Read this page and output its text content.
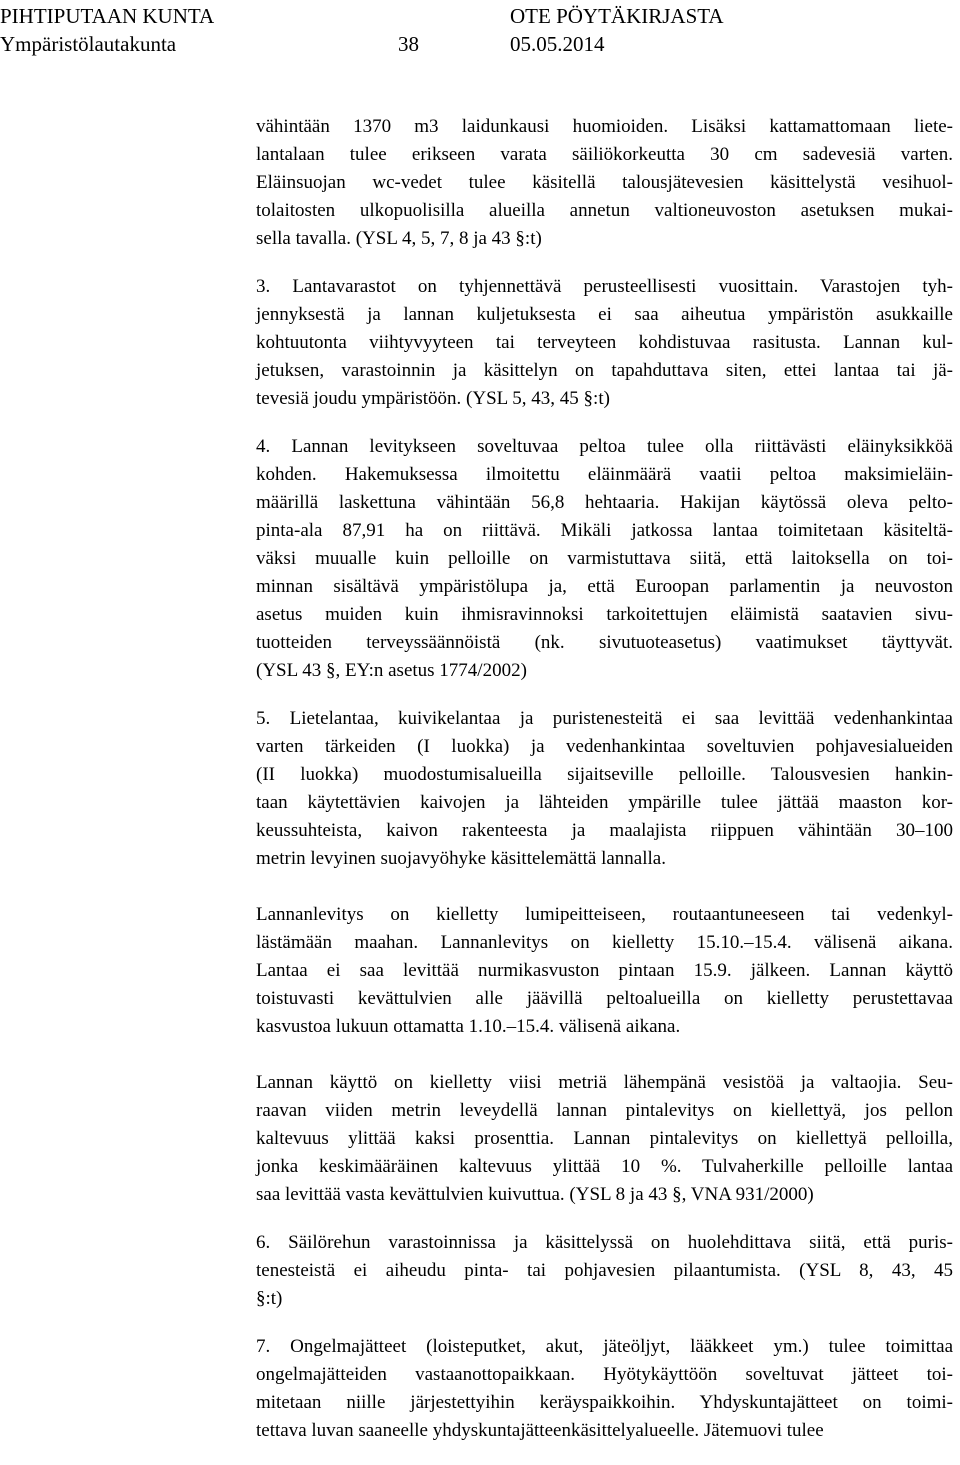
PIHTIPUTAAN KUNTA	OTE PÖYTÄKIRJASTA
Ympäristölautakunta	38	05.05.2014
vähintään 1370 m3 laidunkausi huomioiden. Lisäksi kattamattomaan liete-
lantalaan tulee erikseen varata säiliökorkeutta 30 cm sadevesiä varten.
Eläinsuojan wc-vedet tulee käsitellä talousjätevesien käsittelystä vesihuol-
tolaitosten ulkopuolisilla alueilla annetun valtioneuvoston asetuksen mukai-
sella tavalla. (YSL 4, 5, 7, 8 ja 43 §:t)
3. Lantavarastot on tyhjennettävä perusteellisesti vuosittain. Varastojen tyh-
jennyksestä ja lannan kuljetuksesta ei saa aiheutua ympäristön asukkaille
kohtuutonta viihtyvyyteen tai terveyteen kohdistuvaa rasitusta. Lannan kul-
jetuksen, varastoinnin ja käsittelyn on tapahduttava siten, ettei lantaa tai jä-
tevesiä joudu ympäristöön. (YSL 5, 43, 45 §:t)
4. Lannan levitykseen soveltuvaa peltoa tulee olla riittävästi eläinyksikköä
kohden. Hakemuksessa ilmoitettu eläinmäärä vaatii peltoa maksimieläin-
määrillä laskettuna vähintään 56,8 hehtaaria. Hakijan käytössä oleva pelto-
pinta-ala 87,91 ha on riittävä. Mikäli jatkossa lantaa toimitetaan käsiteltä-
väksi muualle kuin pelloille on varmistuttava siitä, että laitoksella on toi-
minnan sisältävä ympäristölupa ja, että Euroopan parlamentin ja neuvoston
asetus muiden kuin ihmisravinnoksi tarkoitettujen eläimistä saatavien sivu-
tuotteiden terveyssäännöistä (nk. sivutuoteasetus) vaatimukset täyttyvät.
(YSL 43 §, EY:n asetus 1774/2002)
5. Lietelantaa, kuivikelantaa ja puristenesteitä ei saa levittää vedenhankintaa
varten tärkeiden (I luokka) ja vedenhankintaa soveltuvien pohjavesialueiden
(II luokka) muodostumisalueilla sijaitseville pelloille. Talousvesien hankin-
taan käytettävien kaivojen ja lähteiden ympärille tulee jättää maaston kor-
keussuhteista, kaivon rakenteesta ja maalajista riippuen vähintään 30–100
metrin levyinen suojavyöhyke käsittelemättä lannalla.
Lannanlevitys on kielletty lumipeitteiseen, routaantuneeseen tai vedenkyl-
lästämään maahan. Lannanlevitys on kielletty 15.10.–15.4. välisenä aikana.
Lantaa ei saa levittää nurmikasvuston pintaan 15.9. jälkeen. Lannan käyttö
toistuvasti kevättulvien alle jäävillä peltoalueilla on kielletty perustettavaa
kasvustoa lukuun ottamatta 1.10.–15.4. välisenä aikana.
Lannan käyttö on kielletty viisi metriä lähempänä vesistöä ja valtaojia. Seu-
raavan viiden metrin leveydellä lannan pintalevitys on kiellettyä, jos pellon
kaltevuus ylittää kaksi prosenttia. Lannan pintalevitys on kiellettyä pelloilla,
jonka keskimääräinen kaltevuus ylittää 10 %. Tulvaherkille pelloille lantaa
saa levittää vasta kevättulvien kuivuttua. (YSL 8 ja 43 §, VNA 931/2000)
6. Säilörehun varastoinnissa ja käsittelyssä on huolehdittava siitä, että puris-
tenesteistä ei aiheudu pinta- tai pohjavesien pilaantumista. (YSL 8, 43, 45
§:t)
7. Ongelmajätteet (loisteputket, akut, jäteöljyt, lääkkeet ym.) tulee toimittaa
ongelmajätteiden vastaanottopaikkaan. Hyötykäyttöön soveltuvat jätteet toi-
mitetaan niille järjestettyihin keräyspaikkoihin. Yhdyskuntajätteet on toimi-
tettava luvan saaneelle yhdyskuntajätteenkäsittelyalueelle. Jätemuovi tulee
